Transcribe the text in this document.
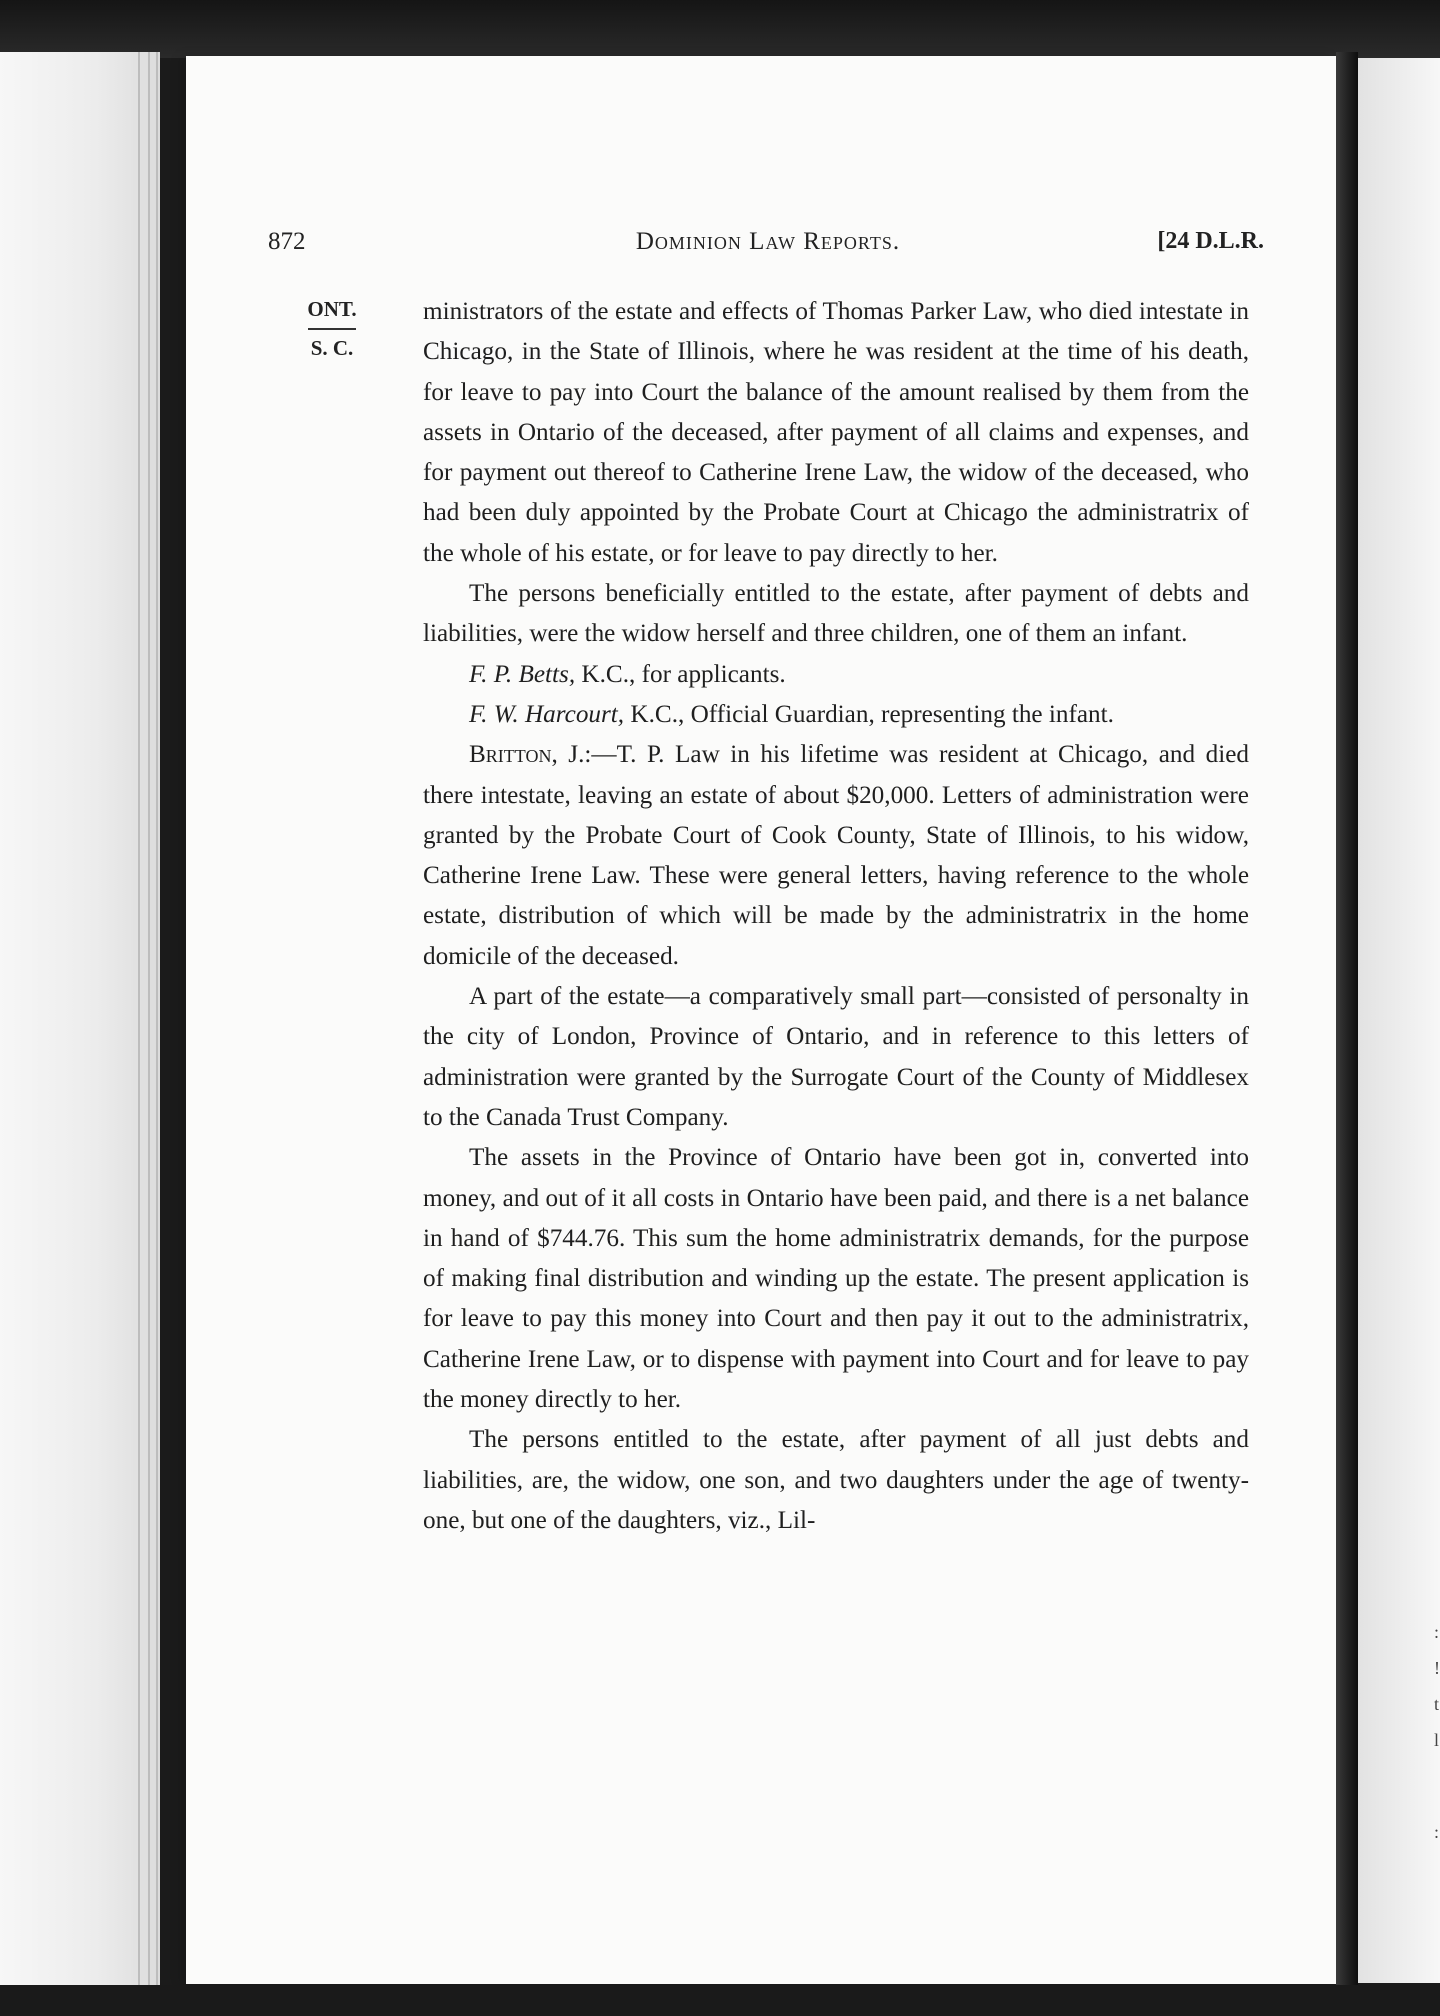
:
!
t
l
:
872	Dominion Law Reports.	[24 D.L.R.
ONT.
S. C.

ministrators of the estate and effects of Thomas Parker Law, who died intestate in Chicago, in the State of Illinois, where he was resident at the time of his death, for leave to pay into Court the balance of the amount realised by them from the assets in Ontario of the deceased, after payment of all claims and expenses, and for payment out thereof to Catherine Irene Law, the widow of the deceased, who had been duly appointed by the Probate Court at Chicago the administratrix of the whole of his estate, or for leave to pay directly to her.

The persons beneficially entitled to the estate, after payment of debts and liabilities, were the widow herself and three children, one of them an infant.

F. P. Betts, K.C., for applicants.

F. W. Harcourt, K.C., Official Guardian, representing the infant.

Britton, J.:—T. P. Law in his lifetime was resident at Chicago, and died there intestate, leaving an estate of about $20,000. Letters of administration were granted by the Probate Court of Cook County, State of Illinois, to his widow, Catherine Irene Law. These were general letters, having reference to the whole estate, distribution of which will be made by the administratrix in the home domicile of the deceased.

A part of the estate—a comparatively small part—consisted of personalty in the city of London, Province of Ontario, and in reference to this letters of administration were granted by the Surrogate Court of the County of Middlesex to the Canada Trust Company.

The assets in the Province of Ontario have been got in, converted into money, and out of it all costs in Ontario have been paid, and there is a net balance in hand of $744.76. This sum the home administratrix demands, for the purpose of making final distribution and winding up the estate. The present application is for leave to pay this money into Court and then pay it out to the administratrix, Catherine Irene Law, or to dispense with payment into Court and for leave to pay the money directly to her.

The persons entitled to the estate, after payment of all just debts and liabilities, are, the widow, one son, and two daughters under the age of twenty-one, but one of the daughters, viz., Lil-
